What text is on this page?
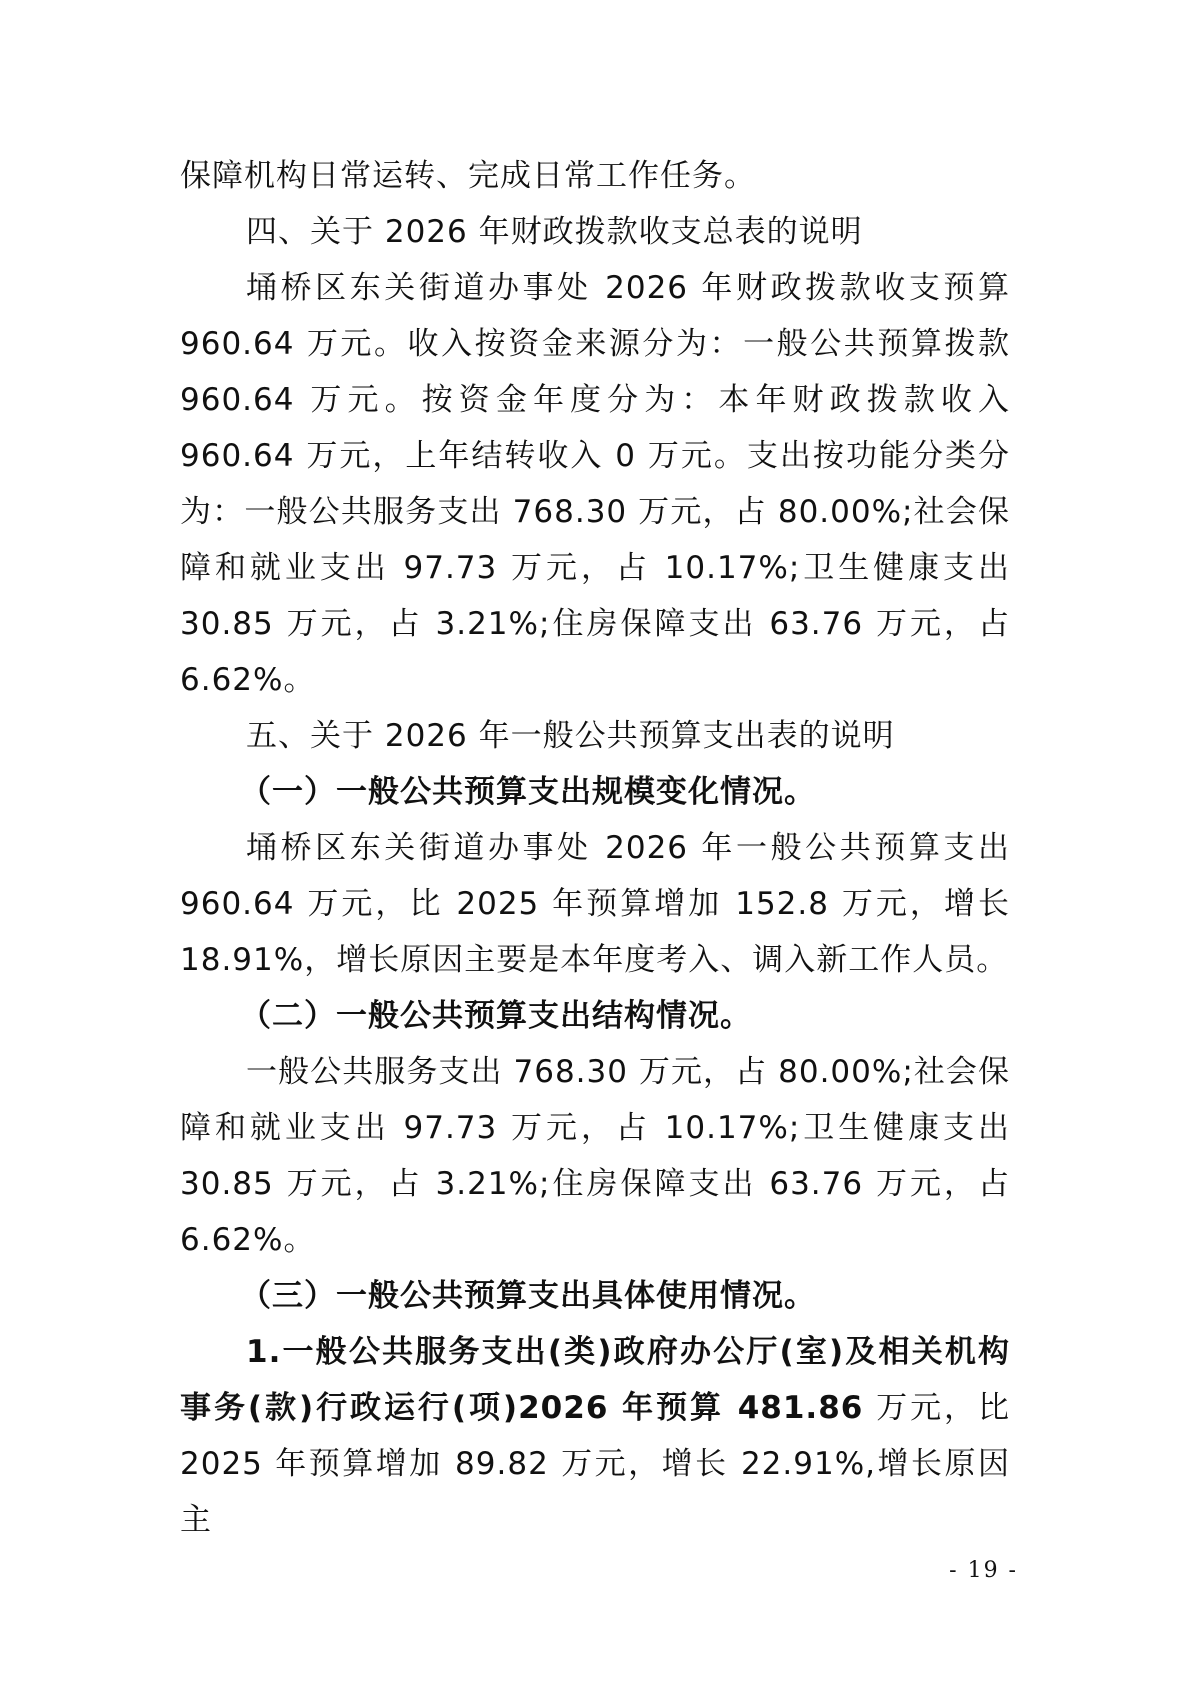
保障机构日常运转、完成日常工作任务。

四、关于 2026 年财政拨款收支总表的说明

埇桥区东关街道办事处 2026 年财政拨款收支预算

960.64 万元。收入按资金来源分为：一般公共预算拨款

960.64 万元。按资金年度分为：本年财政拨款收入

960.64 万元，上年结转收入 0 万元。支出按功能分类分

为：一般公共服务支出 768.30 万元，占 80.00%;社会保

障和就业支出 97.73 万元，占 10.17%;卫生健康支出

30.85 万元，占 3.21%;住房保障支出 63.76 万元，占

6.62%。

五、关于 2026 年一般公共预算支出表的说明

（一）一般公共预算支出规模变化情况。

埇桥区东关街道办事处 2026 年一般公共预算支出

960.64 万元，比 2025 年预算增加 152.8 万元，增长

18.91%，增长原因主要是本年度考入、调入新工作人员。

（二）一般公共预算支出结构情况。

一般公共服务支出 768.30 万元，占 80.00%;社会保

障和就业支出 97.73 万元，占 10.17%;卫生健康支出

30.85 万元，占 3.21%;住房保障支出 63.76 万元，占

6.62%。

（三）一般公共预算支出具体使用情况。

1.一般公共服务支出(类)政府办公厅(室)及相关机构

事务(款)行政运行(项)2026 年预算 481.86 万元，比

2025 年预算增加 89.82 万元，增长 22.91%,增长原因主

- 19 -
